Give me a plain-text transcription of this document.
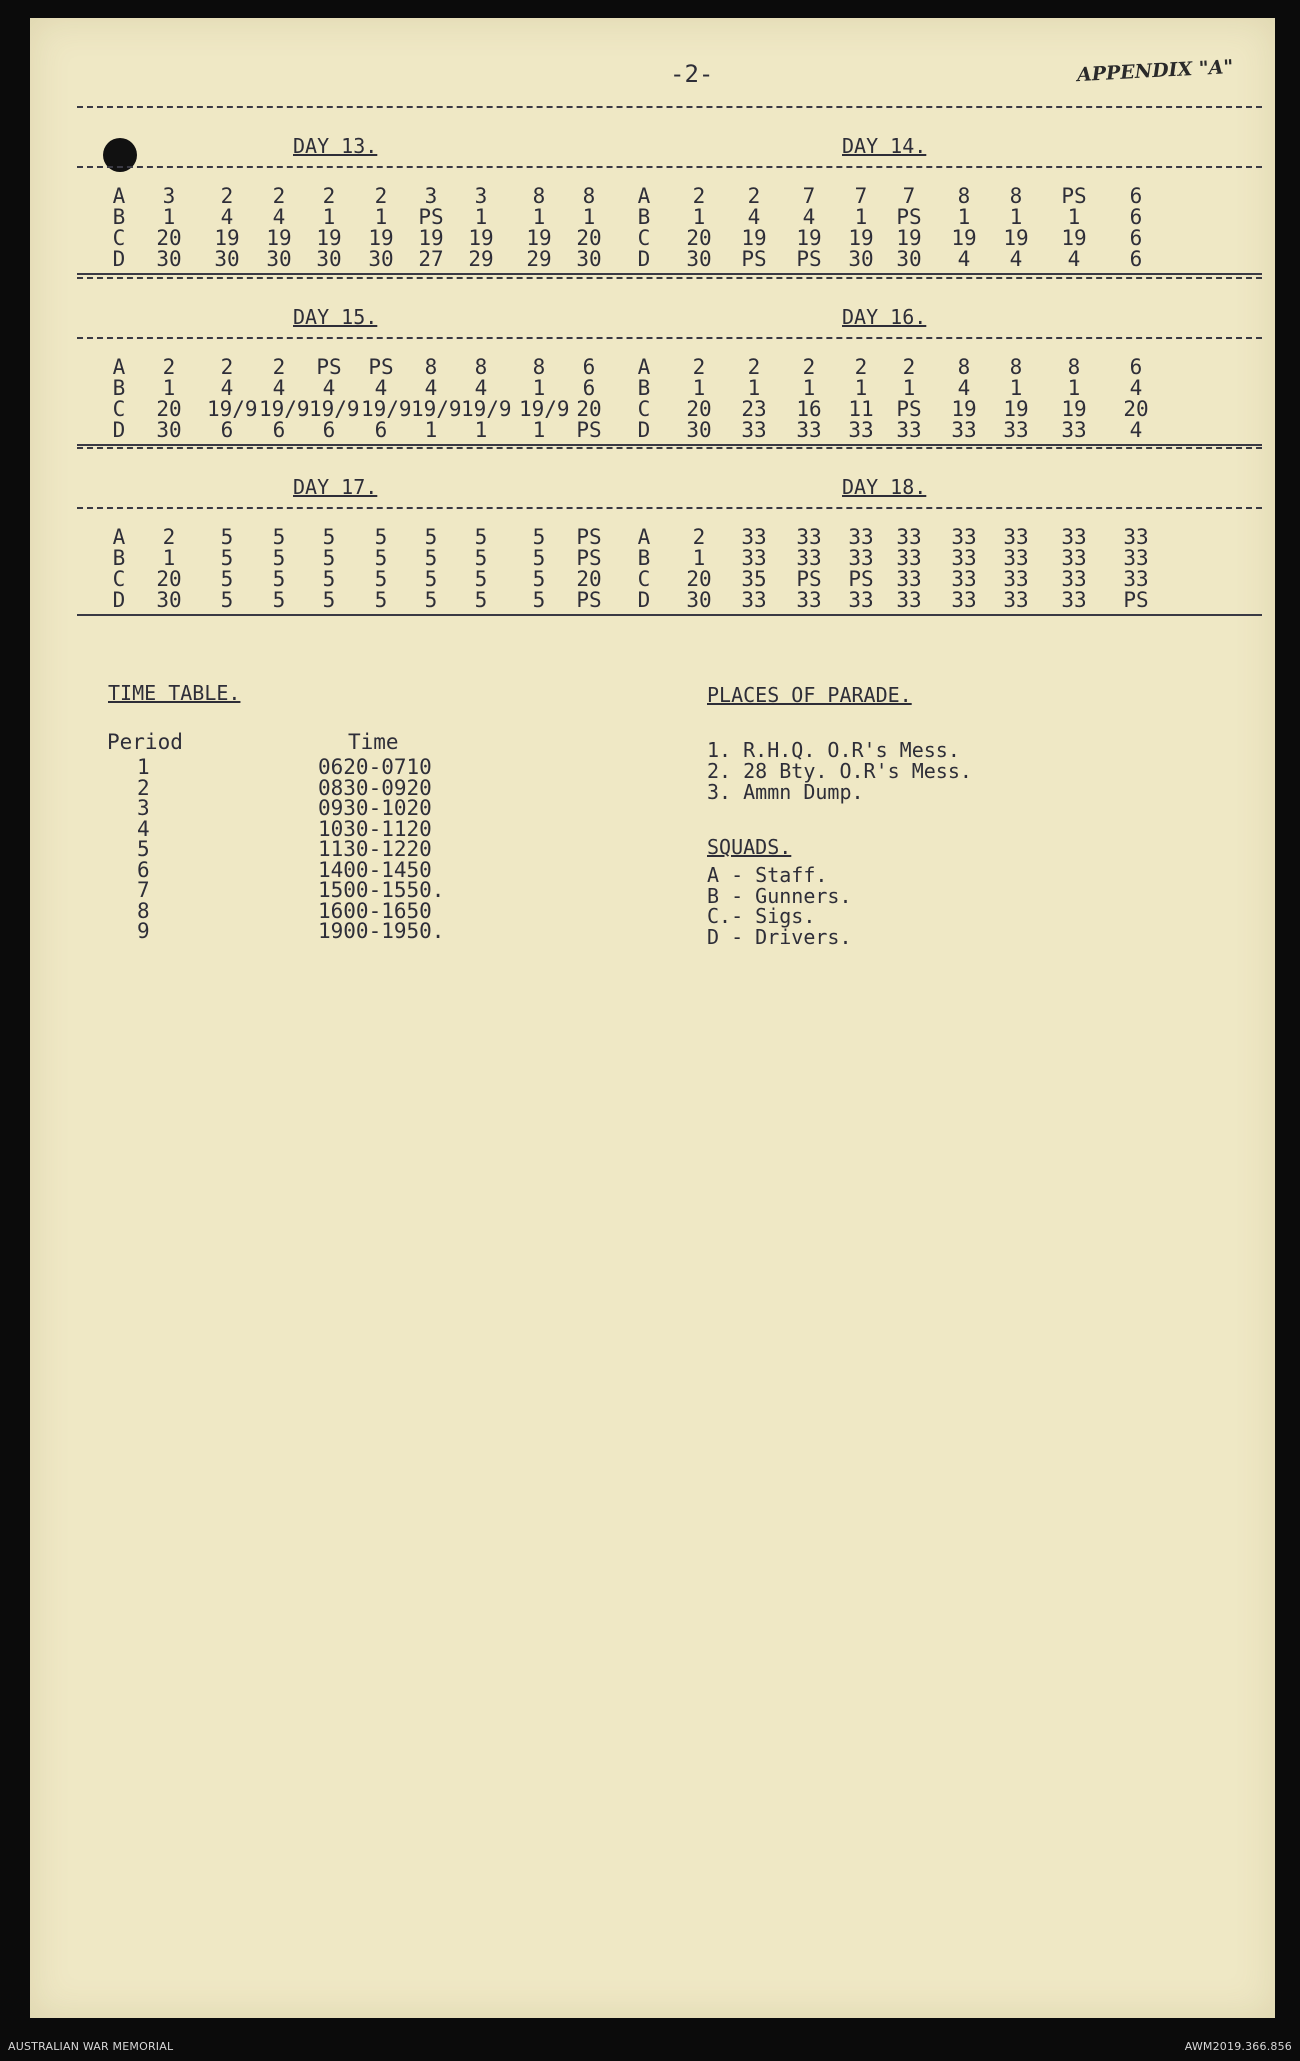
-2-	APPENDIX "A"
DAY 13.	DAY 14.
A	3	2	2	2	2	3	3	8	8	A	2	2	7	7	7	8	8	PS	6
B	1	4	4	1	1	PS	1	1	1	B	1	4	4	1	PS	1	1	1	6
C	20	19	19	19	19	19	19	19	20	C	20	19	19	19	19	19	19	19	6
D	30	30	30	30	30	27	29	29	30	D	30	PS	PS	30	30	4	4	4	6
DAY 15.	DAY 16.
A	2	2	2	PS	PS	8	8	8	6	A	2	2	2	2	2	8	8	8	6
B	1	4	4	4	4	4	4	1	6	B	1	1	1	1	1	4	1	1	4
C	20	19/9 19/9 19/9 19/9 19/9 19/9 19/9 20	C	20	23	16	11	PS	19	19	19	20
D	30	6	6	6	6	1	1	1	PS	D	30	33	33	33	33	33	33	33	4
DAY 17.	DAY 18.
A	2	5	5	5	5	5	5	5	PS	A	2	33	33	33	33	33	33	33	33
B	1	5	5	5	5	5	5	5	PS	B	1	33	33	33	33	33	33	33	33
C	20	5	5	5	5	5	5	5	20	C	20	35	PS	PS	33	33	33	33	33
D	30	5	5	5	5	5	5	5	PS	D	30	33	33	33	33	33	33	33	PS
TIME TABLE.
Period	Time
1	0620-0710
2	0830-0920
3	0930-1020
4	1030-1120
5	1130-1220
6	1400-1450
7	1500-1550.
8	1600-1650
9	1900-1950.
PLACES OF PARADE.
1. R.H.Q. O.R's Mess.
2. 28 Bty. O.R's Mess.
3. Ammn Dump.
SQUADS.
A - Staff.
B - Gunners.
C.- Sigs.
D - Drivers.
AUSTRALIAN WAR MEMORIAL	AWM2019.366.856
